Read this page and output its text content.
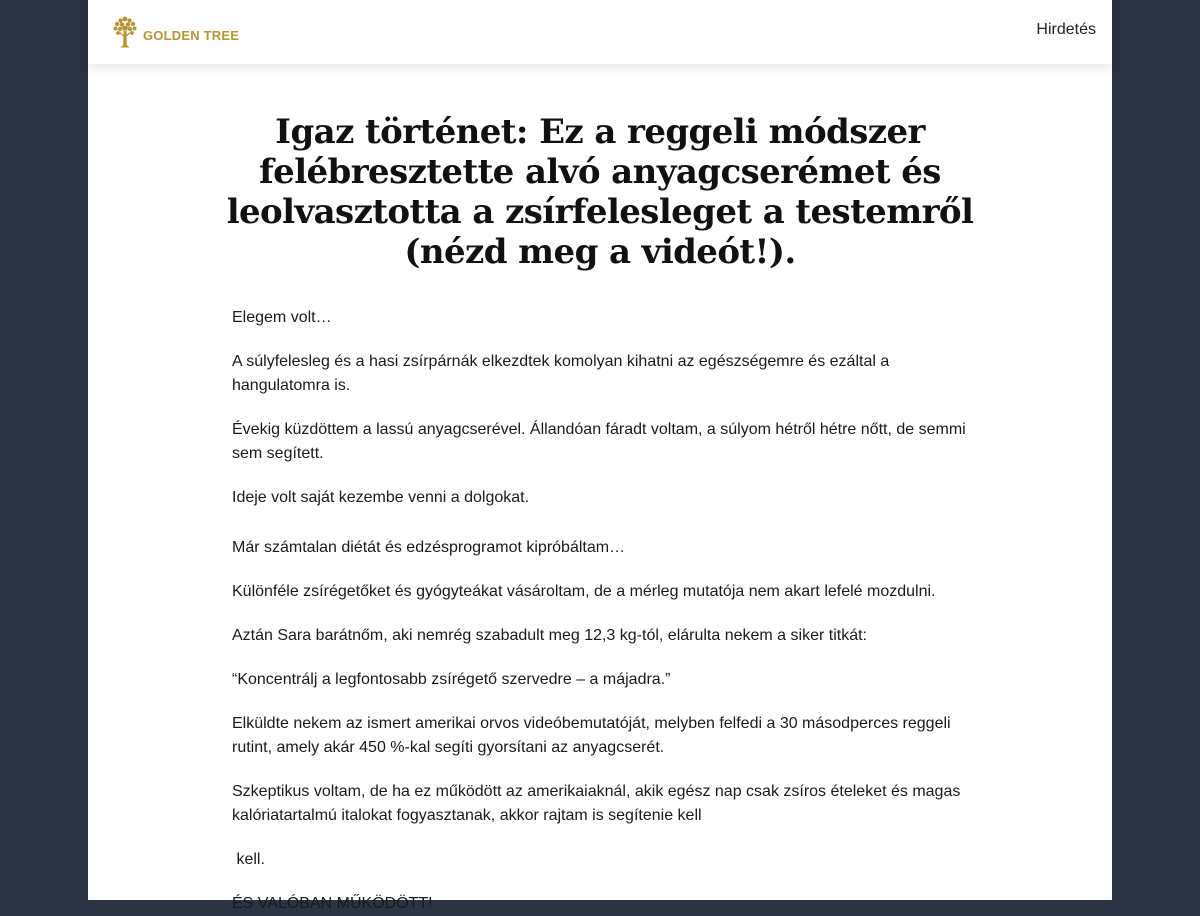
GOLDEN TREE	Hirdetés
Igaz történet: Ez a reggeli módszer felébresztette alvó anyagcserémet és leolvasztotta a zsírfelesleget a testemről (nézd meg a videót!).

Elegem volt…

A súlyfelesleg és a hasi zsírpárnák elkezdtek komolyan kihatni az egészségemre és ezáltal a hangulatomra is.

Évekig küzdöttem a lassú anyagcserével. Állandóan fáradt voltam, a súlyom hétről hétre nőtt, de semmi sem segített.

Ideje volt saját kezembe venni a dolgokat.

Már számtalan diétát és edzésprogramot kipróbáltam…

Különféle zsírégetőket és gyógyteákat vásároltam, de a mérleg mutatója nem akart lefelé mozdulni.

Aztán Sara barátnőm, aki nemrég szabadult meg 12,3 kg-tól, elárulta nekem a siker titkát:

“Koncentrálj a legfontosabb zsírégető szervedre – a májadra.”

Elküldte nekem az ismert amerikai orvos videóbemutatóját, melyben felfedi a 30 másodperces reggeli rutint, amely akár 450 %-kal segíti gyorsítani az anyagcserét.

Szkeptikus voltam, de ha ez működött az amerikaiaknál, akik egész nap csak zsíros ételeket és magas kalóriatartalmú italokat fogyasztanak, akkor rajtam is segítenie kell

kell.

ÉS VALÓBAN MŰKÖDÖTT!
